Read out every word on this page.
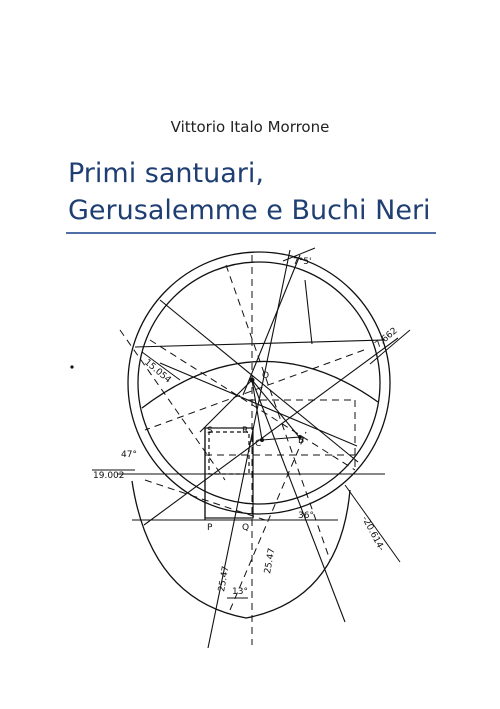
Vittorio Italo Morrone
Primi santuari,
Gerusalemme e Buchi Neri
7°5'
7.662
15.054	O
S	R
C	B
P	Q
47°
19.002
36°	-20.614-
25.47
25.47 13°
